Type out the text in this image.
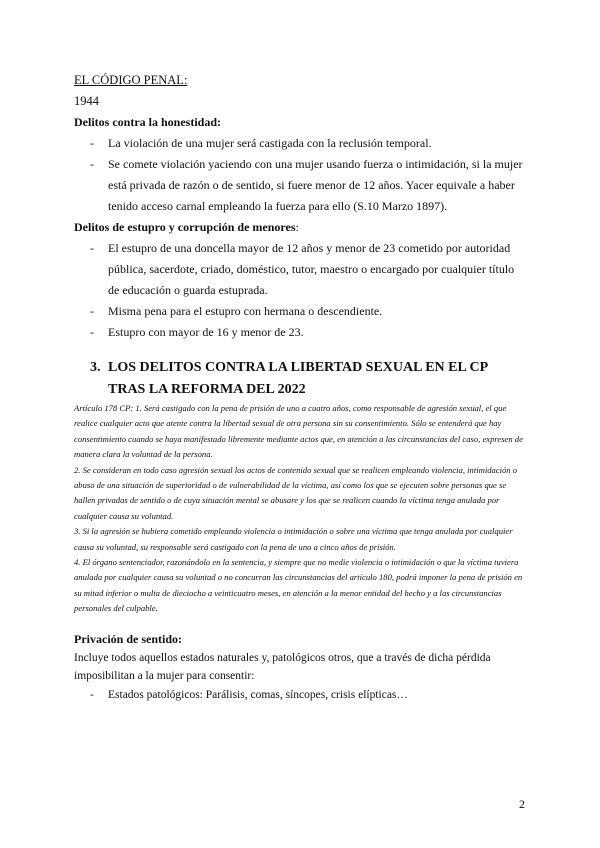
EL CÓDIGO PENAL:
1944
Delitos contra la honestidad:
- La violación de una mujer será castigada con la reclusión temporal.
- Se comete violación yaciendo con una mujer usando fuerza o intimidación, si la mujer está privada de razón o de sentido, si fuere menor de 12 años. Yacer equivale a haber tenido acceso carnal empleando la fuerza para ello (S.10 Marzo 1897).
Delitos de estupro y corrupción de menores:
- El estupro de una doncella mayor de 12 años y menor de 23 cometido por autoridad pública, sacerdote, criado, doméstico, tutor, maestro o encargado por cualquier título de educación o guarda estuprada.
- Misma pena para el estupro con hermana o descendiente.
- Estupro con mayor de 16 y menor de 23.
3. LOS DELITOS CONTRA LA LIBERTAD SEXUAL EN EL CP TRAS LA REFORMA DEL 2022

Artículo 178 CP: 1. Será castigado con la pena de prisión de uno a cuatro años, como responsable de agresión sexual, el que realice cualquier acto que atente contra la libertad sexual de otra persona sin su consentimiento. Sólo se entenderá que hay consentimiento cuando se haya manifestado libremente mediante actos que, en atención a las circunstancias del caso, expresen de manera clara la voluntad de la persona.

2. Se consideran en todo caso agresión sexual los actos de contenido sexual que se realicen empleando violencia, intimidación o abuso de una situación de superioridad o de vulnerabilidad de la víctima, así como los que se ejecuten sobre personas que se hallen privadas de sentido o de cuya situación mental se abusare y los que se realicen cuando la víctima tenga anulada por cualquier causa su voluntad.

3. Si la agresión se hubiera cometido empleando violencia o intimidación o sobre una víctima que tenga anulada por cualquier causa su voluntad, su responsable será castigado con la pena de uno a cinco años de prisión.

4. El órgano sentenciador, razonándolo en la sentencia, y siempre que no medie violencia o intimidación o que la víctima tuviera anulada por cualquier causa su voluntad o no concurran las circunstancias del artículo 180, podrá imponer la pena de prisión en su mitad inferior o multa de dieciocho a veinticuatro meses, en atención a la menor entidad del hecho y a las circunstancias personales del culpable.

Privación de sentido:
Incluye todos aquellos estados naturales y, patológicos otros, que a través de dicha pérdida imposibilitan a la mujer para consentir:
- Estados patológicos: Parálisis, comas, síncopes, crisis elípticas…
2
